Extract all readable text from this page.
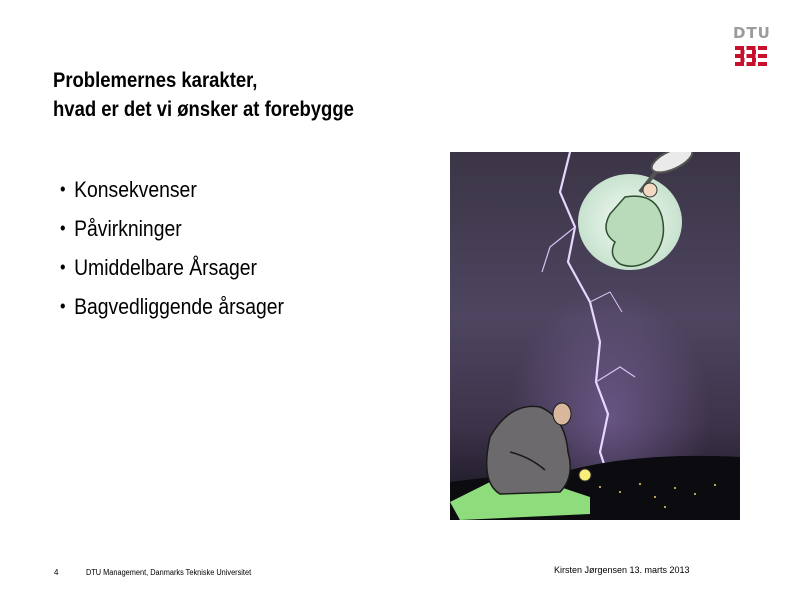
Problemernes karakter,
hvad er det vi ønsker at forebygge
• Konsekvenser
• Påvirkninger
• Umiddelbare Årsager
• Bagvedliggende årsager
DTU
4	DTU Management, Danmarks Tekniske Universitet	Kirsten Jørgensen 13. marts 2013
